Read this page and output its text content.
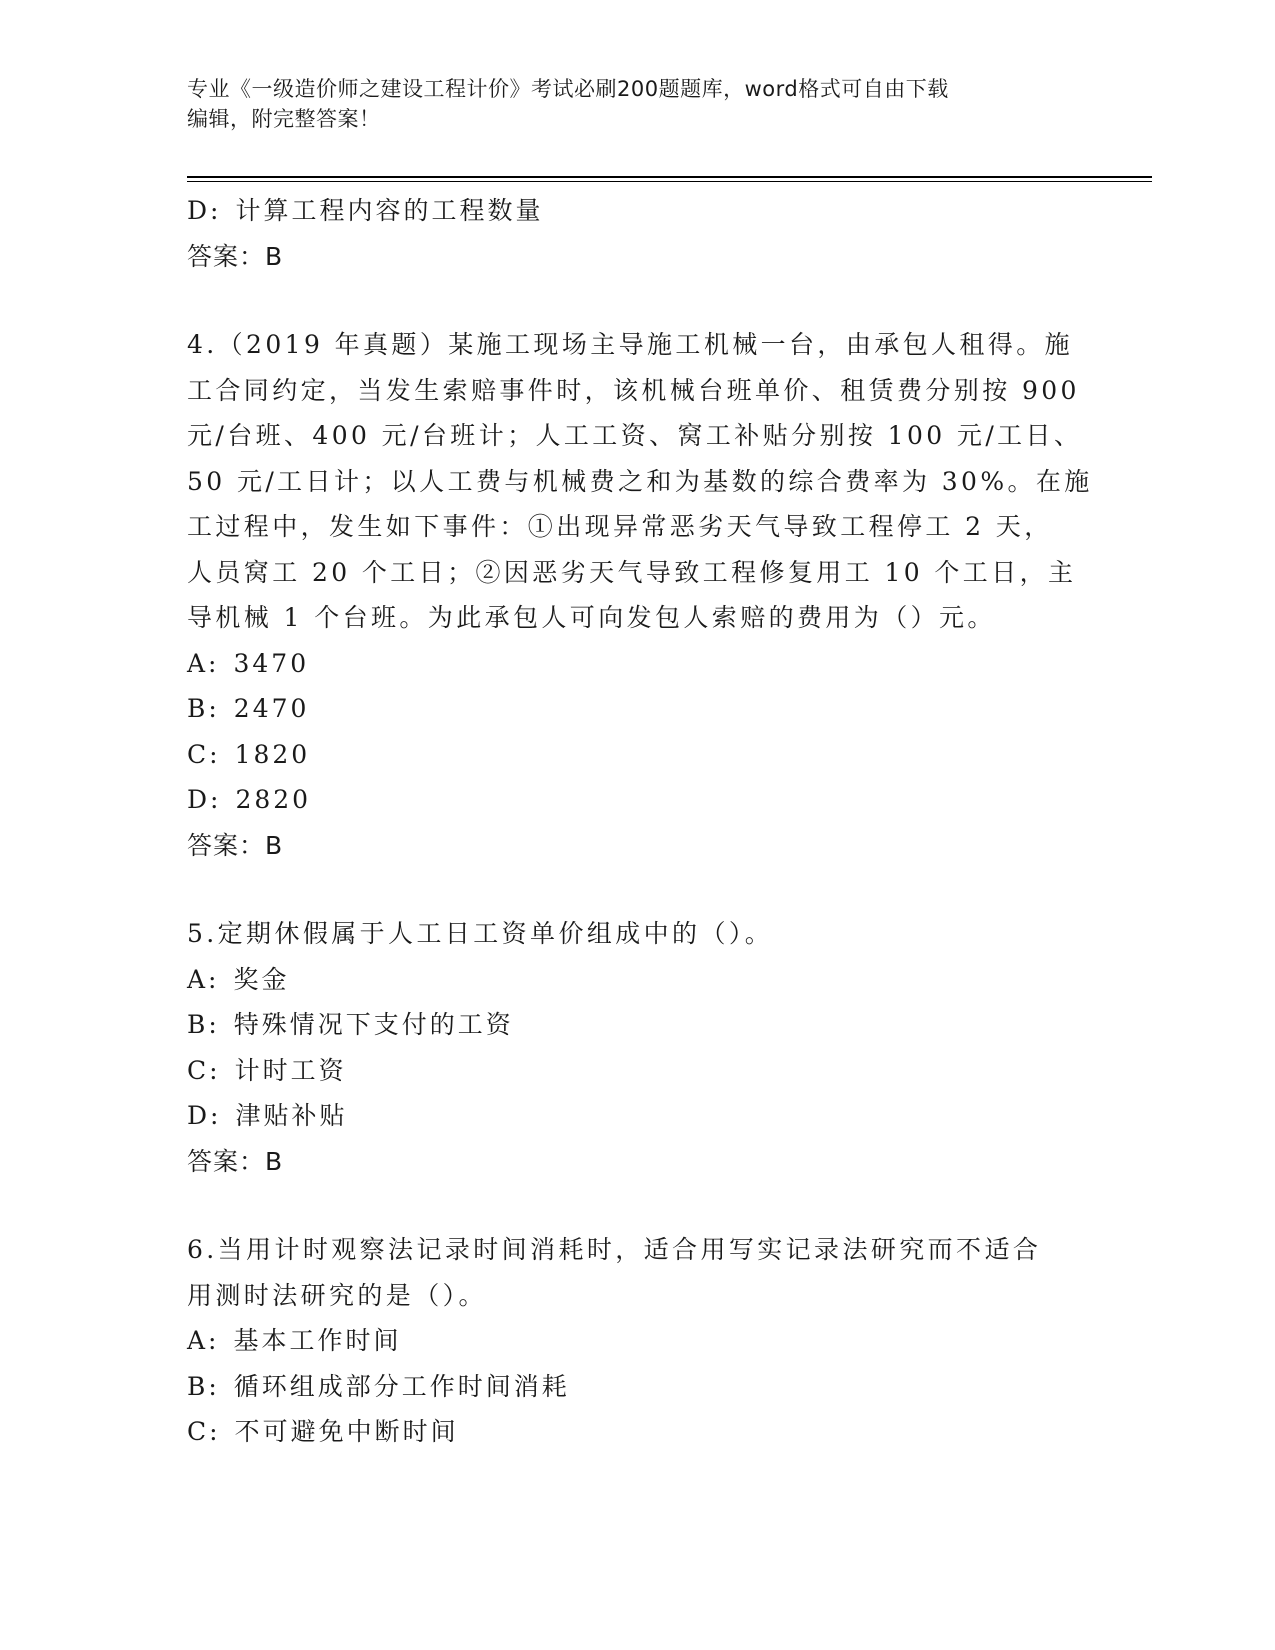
专业《一级造价师之建设工程计价》考试必刷200题题库，word格式可自由下载
编辑，附完整答案！
D: 计算工程内容的工程数量
答案：B
4.（2019 年真题）某施工现场主导施工机械一台，由承包人租得。施
工合同约定，当发生索赔事件时，该机械台班单价、租赁费分别按 900
元/台班、400 元/台班计；人工工资、窝工补贴分别按 100 元/工日、
50 元/工日计；以人工费与机械费之和为基数的综合费率为 30%。在施
工过程中，发生如下事件：①出现异常恶劣天气导致工程停工 2 天，
人员窝工 20 个工日；②因恶劣天气导致工程修复用工 10 个工日，主
导机械 1 个台班。为此承包人可向发包人索赔的费用为（）元。
A: 3470
B: 2470
C: 1820
D: 2820
答案：B
5.定期休假属于人工日工资单价组成中的（）。
A: 奖金
B: 特殊情况下支付的工资
C: 计时工资
D: 津贴补贴
答案：B
6.当用计时观察法记录时间消耗时，适合用写实记录法研究而不适合
用测时法研究的是（）。
A: 基本工作时间
B: 循环组成部分工作时间消耗
C: 不可避免中断时间
